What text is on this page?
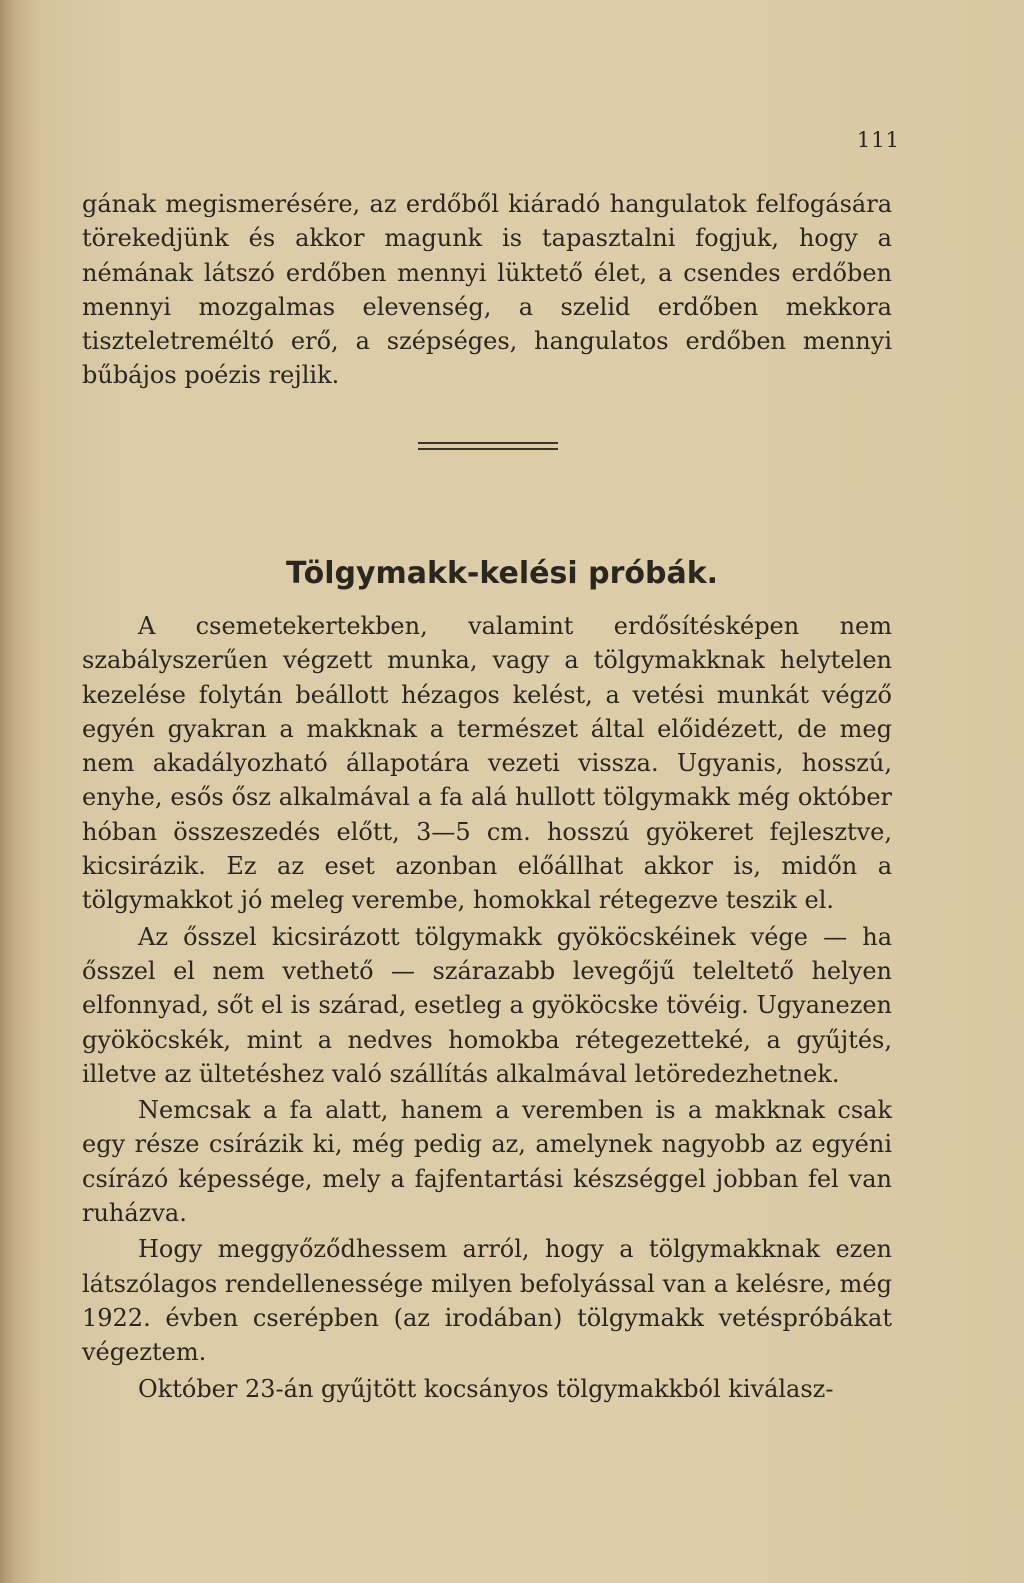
111

gának megismerésére, az erdőből kiáradó hangulatok felfogására törekedjünk és akkor magunk is tapasztalni fogjuk, hogy a némának látszó erdőben mennyi lüktető élet, a csendes erdőben mennyi mozgalmas elevenség, a szelid erdőben mekkora tiszteletreméltó erő, a szépséges, hangulatos erdőben mennyi bűbájos poézis rejlik.

Tölgymakk-kelési próbák.

A csemetekertekben, valamint erdősítésképen nem szabályszerűen végzett munka, vagy a tölgymakknak helytelen kezelése folytán beállott hézagos kelést, a vetési munkát végző egyén gyakran a makknak a természet által előidézett, de meg nem akadályozható állapotára vezeti vissza. Ugyanis, hosszú, enyhe, esős ősz alkalmával a fa alá hullott tölgymakk még október hóban összeszedés előtt, 3—5 cm. hosszú gyökeret fejlesztve, kicsirázik. Ez az eset azonban előállhat akkor is, midőn a tölgymakkot jó meleg verembe, homokkal rétegezve teszik el.

Az ősszel kicsirázott tölgymakk gyököcskéinek vége — ha ősszel el nem vethető — szárazabb levegőjű teleltető helyen elfonnyad, sőt el is szárad, esetleg a gyököcske tövéig. Ugyanezen gyököcskék, mint a nedves homokba rétegezetteké, a gyűjtés, illetve az ültetéshez való szállítás alkalmával letöredezhetnek.

Nemcsak a fa alatt, hanem a veremben is a makknak csak egy része csírázik ki, még pedig az, amelynek nagyobb az egyéni csírázó képessége, mely a fajfentartási készséggel jobban fel van ruházva.

Hogy meggyőződhessem arról, hogy a tölgymakknak ezen látszólagos rendellenessége milyen befolyással van a kelésre, még 1922. évben cserépben (az irodában) tölgymakk vetéspróbákat végeztem.

Október 23-án gyűjtött kocsányos tölgymakkból kiválasz-
